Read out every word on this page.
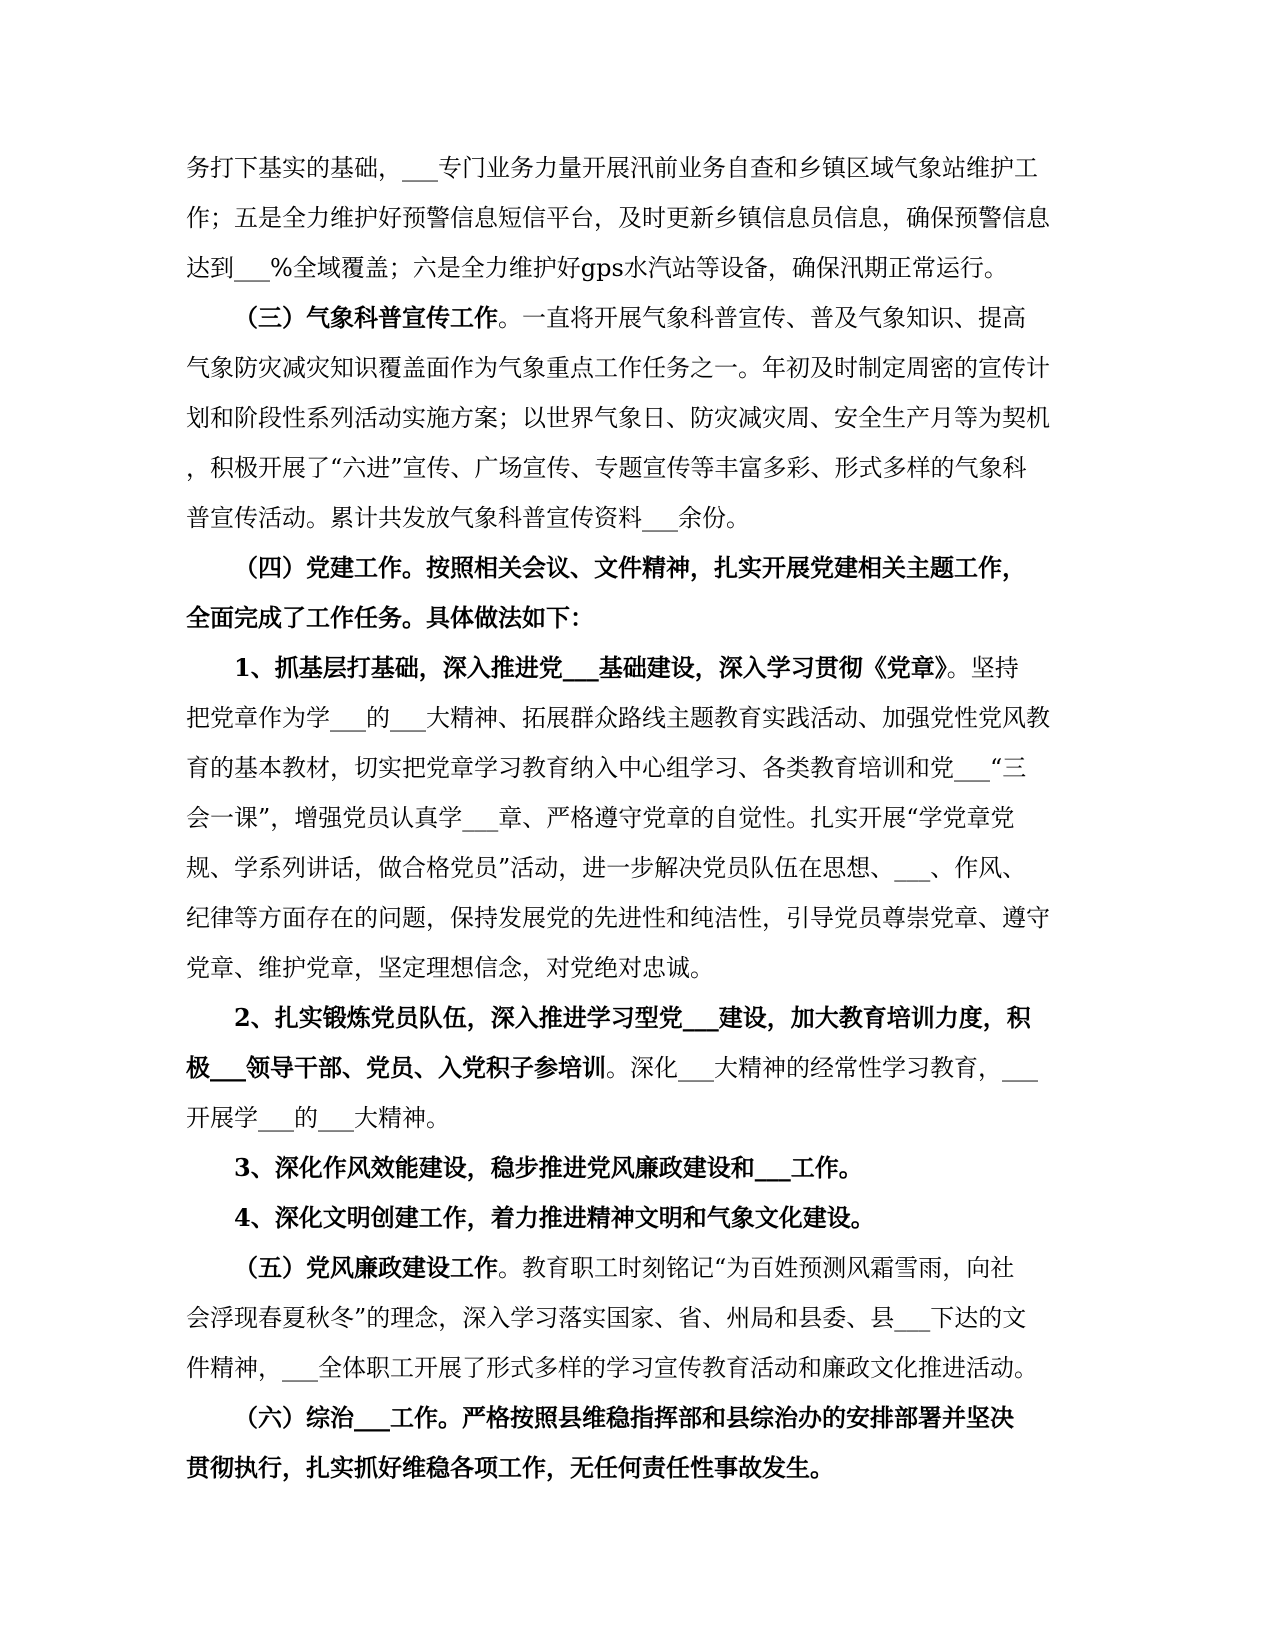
务打下基实的基础，___专门业务力量开展汛前业务自查和乡镇区域气象站维护工
作；五是全力维护好预警信息短信平台，及时更新乡镇信息员信息，确保预警信息
达到___%全域覆盖；六是全力维护好gps水汽站等设备，确保汛期正常运行。
（三）气象科普宣传工作。一直将开展气象科普宣传、普及气象知识、提高
气象防灾减灾知识覆盖面作为气象重点工作任务之一。年初及时制定周密的宣传计
划和阶段性系列活动实施方案；以世界气象日、防灾减灾周、安全生产月等为契机
，积极开展了“六进”宣传、广场宣传、专题宣传等丰富多彩、形式多样的气象科
普宣传活动。累计共发放气象科普宣传资料___余份。
（四）党建工作。按照相关会议、文件精神，扎实开展党建相关主题工作，
全面完成了工作任务。具体做法如下：
1、抓基层打基础，深入推进党___基础建设，深入学习贯彻《党章》。坚持
把党章作为学___的___大精神、拓展群众路线主题教育实践活动、加强党性党风教
育的基本教材，切实把党章学习教育纳入中心组学习、各类教育培训和党___“三
会一课”，增强党员认真学___章、严格遵守党章的自觉性。扎实开展“学党章党
规、学系列讲话，做合格党员”活动，进一步解决党员队伍在思想、___、作风、
纪律等方面存在的问题，保持发展党的先进性和纯洁性，引导党员尊崇党章、遵守
党章、维护党章，坚定理想信念，对党绝对忠诚。
2、扎实锻炼党员队伍，深入推进学习型党___建设，加大教育培训力度，积
极___领导干部、党员、入党积子参培训。深化___大精神的经常性学习教育，___
开展学___的___大精神。
3、深化作风效能建设，稳步推进党风廉政建设和___工作。
4、深化文明创建工作，着力推进精神文明和气象文化建设。
（五）党风廉政建设工作。教育职工时刻铭记“为百姓预测风霜雪雨，向社
会浮现春夏秋冬”的理念，深入学习落实国家、省、州局和县委、县___下达的文
件精神，___全体职工开展了形式多样的学习宣传教育活动和廉政文化推进活动。
（六）综治___工作。严格按照县维稳指挥部和县综治办的安排部署并坚决
贯彻执行，扎实抓好维稳各项工作，无任何责任性事故发生。
